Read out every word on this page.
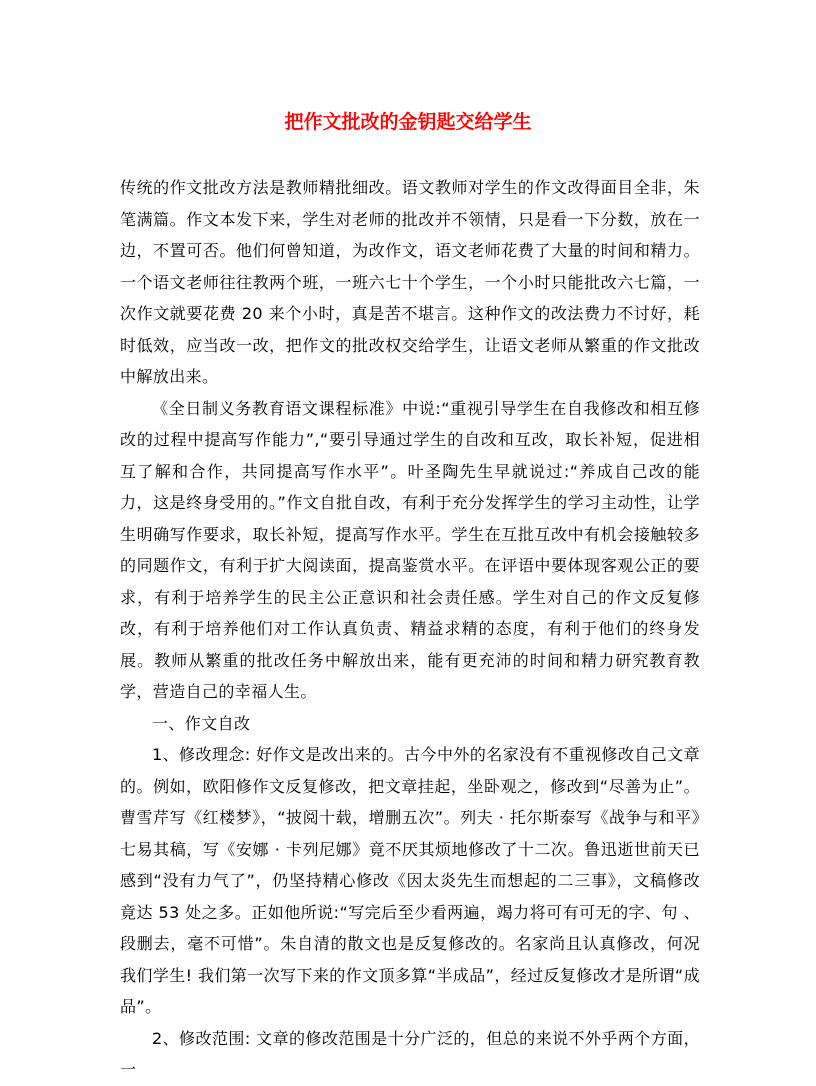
把作文批改的金钥匙交给学生

传统的作文批改方法是教师精批细改。语文教师对学生的作文改得面目全非，朱笔满篇。作文本发下来，学生对老师的批改并不领情，只是看一下分数，放在一边，不置可否。他们何曾知道，为改作文，语文老师花费了大量的时间和精力。一个语文老师往往教两个班，一班六七十个学生，一个小时只能批改六七篇，一次作文就要花费 20 来个小时，真是苦不堪言。这种作文的改法费力不讨好，耗时低效，应当改一改，把作文的批改权交给学生，让语文老师从繁重的作文批改中解放出来。

《全日制义务教育语文课程标准》中说:“重视引导学生在自我修改和相互修改的过程中提高写作能力”,“要引导通过学生的自改和互改，取长补短，促进相互了解和合作，共同提高写作水平”。叶圣陶先生早就说过:“养成自己改的能力，这是终身受用的。”作文自批自改，有利于充分发挥学生的学习主动性，让学生明确写作要求，取长补短，提高写作水平。学生在互批互改中有机会接触较多的同题作文，有利于扩大阅读面，提高鉴赏水平。在评语中要体现客观公正的要求，有利于培养学生的民主公正意识和社会责任感。学生对自己的作文反复修改，有利于培养他们对工作认真负责、精益求精的态度，有利于他们的终身发展。教师从繁重的批改任务中解放出来，能有更充沛的时间和精力研究教育教学，营造自己的幸福人生。

一、作文自改

1、修改理念: 好作文是改出来的。古今中外的名家没有不重视修改自己文章的。例如，欧阳修作文反复修改，把文章挂起，坐卧观之，修改到“尽善为止”。曹雪芹写《红楼梦》，“披阅十载，增删五次”。列夫 · 托尔斯泰写《战争与和平》七易其稿，写《安娜 · 卡列尼娜》竟不厌其烦地修改了十二次。鲁迅逝世前天已感到“没有力气了”，仍坚持精心修改《因太炎先生而想起的二三事》，文稿修改竟达 53 处之多。正如他所说:“写完后至少看两遍，竭力将可有可无的字、句 、段删去，毫不可惜”。朱自清的散文也是反复修改的。名家尚且认真修改，何况我们学生! 我们第一次写下来的作文顶多算“半成品”，经过反复修改才是所谓“成品”。

2、修改范围: 文章的修改范围是十分广泛的，但总的来说不外乎两个方面，一
